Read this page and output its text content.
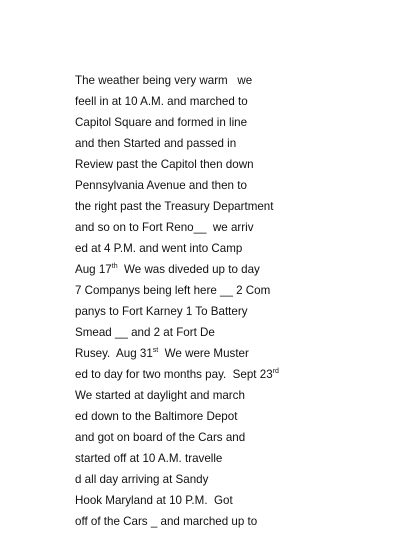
The weather being very warm   we
feell in at 10 A.M. and marched to
Capitol Square and formed in line
and then Started and passed in
Review past the Capitol then down
Pennsylvania Avenue and then to
the right past the Treasury Department
and so on to Fort Reno__  we arriv
ed at 4 P.M. and went into Camp
Aug 17th  We was diveded up to day
7 Companys being left here __ 2 Com
panys to Fort Karney 1 To Battery
Smead __ and 2 at Fort De
Rusey.  Aug 31st  We were Muster
ed to day for two months pay.  Sept 23rd
We started at daylight and march
ed down to the Baltimore Depot
and got on board of the Cars and
started off at 10 A.M. travelle
d all day arriving at Sandy
Hook Maryland at 10 P.M.  Got
off of the Cars _ and marched up to
